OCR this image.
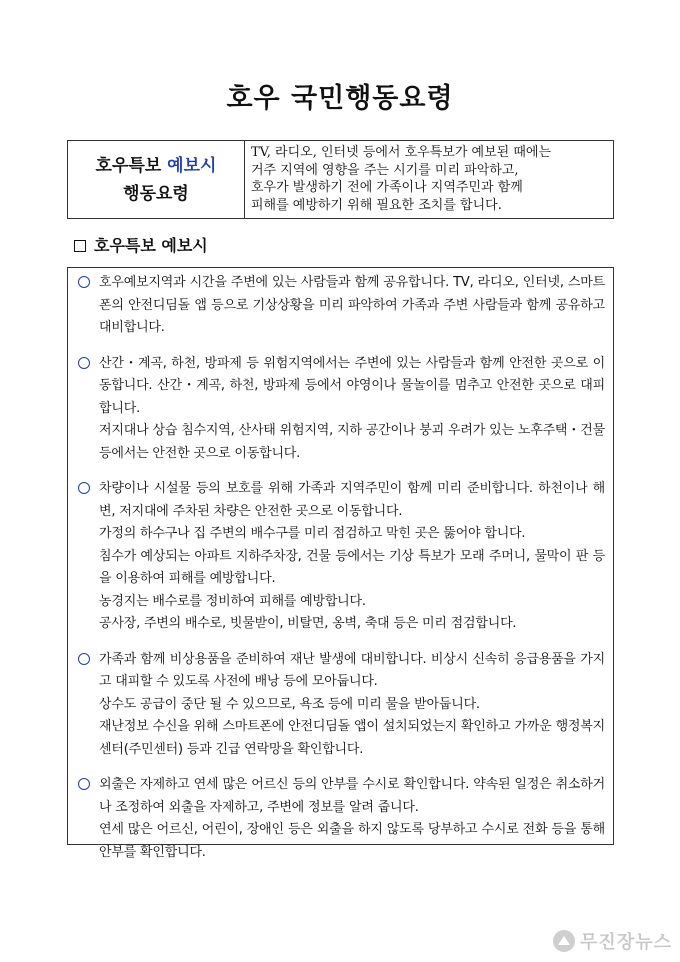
호우 국민행동요령
호우특보 예보시
행동요령
TV, 라디오, 인터넷 등에서 호우특보가 예보된 때에는
거주 지역에 영향을 주는 시기를 미리 파악하고,
호우가 발생하기 전에 가족이나 지역주민과 함께
피해를 예방하기 위해 필요한 조치를 합니다.
호우특보 예보시

호우예보지역과 시간을 주변에 있는 사람들과 함께 공유합니다. TV, 라디오, 인터넷, 스마트폰의 안전디딤돌 앱 등으로 기상상황을 미리 파악하여 가족과 주변 사람들과 함께 공유하고 대비합니다.

산간・계곡, 하천, 방파제 등 위험지역에서는 주변에 있는 사람들과 함께 안전한 곳으로 이동합니다. 산간・계곡, 하천, 방파제 등에서 야영이나 물놀이를 멈추고 안전한 곳으로 대피합니다.

저지대나 상습 침수지역, 산사태 위험지역, 지하 공간이나 붕괴 우려가 있는 노후주택・건물 등에서는 안전한 곳으로 이동합니다.

차량이나 시설물 등의 보호를 위해 가족과 지역주민이 함께 미리 준비합니다. 하천이나 해변, 저지대에 주차된 차량은 안전한 곳으로 이동합니다.

가정의 하수구나 집 주변의 배수구를 미리 점검하고 막힌 곳은 뚫어야 합니다.

침수가 예상되는 아파트 지하주차장, 건물 등에서는 기상 특보가 모래 주머니, 물막이 판 등을 이용하여 피해를 예방합니다.

농경지는 배수로를 정비하여 피해를 예방합니다.

공사장, 주변의 배수로, 빗물받이, 비탈면, 옹벽, 축대 등은 미리 점검합니다.

가족과 함께 비상용품을 준비하여 재난 발생에 대비합니다. 비상시 신속히 응급용품을 가지고 대피할 수 있도록 사전에 배낭 등에 모아둡니다.

상수도 공급이 중단 될 수 있으므로, 욕조 등에 미리 물을 받아둡니다.

재난정보 수신을 위해 스마트폰에 안전디딤돌 앱이 설치되었는지 확인하고 가까운 행정복지센터(주민센터) 등과 긴급 연락망을 확인합니다.

외출은 자제하고 연세 많은 어르신 등의 안부를 수시로 확인합니다. 약속된 일정은 취소하거나 조정하여 외출을 자제하고, 주변에 정보를 알려 줍니다.

연세 많은 어르신, 어린이, 장애인 등은 외출을 하지 않도록 당부하고 수시로 전화 등을 통해 안부를 확인합니다.

무진장뉴스
